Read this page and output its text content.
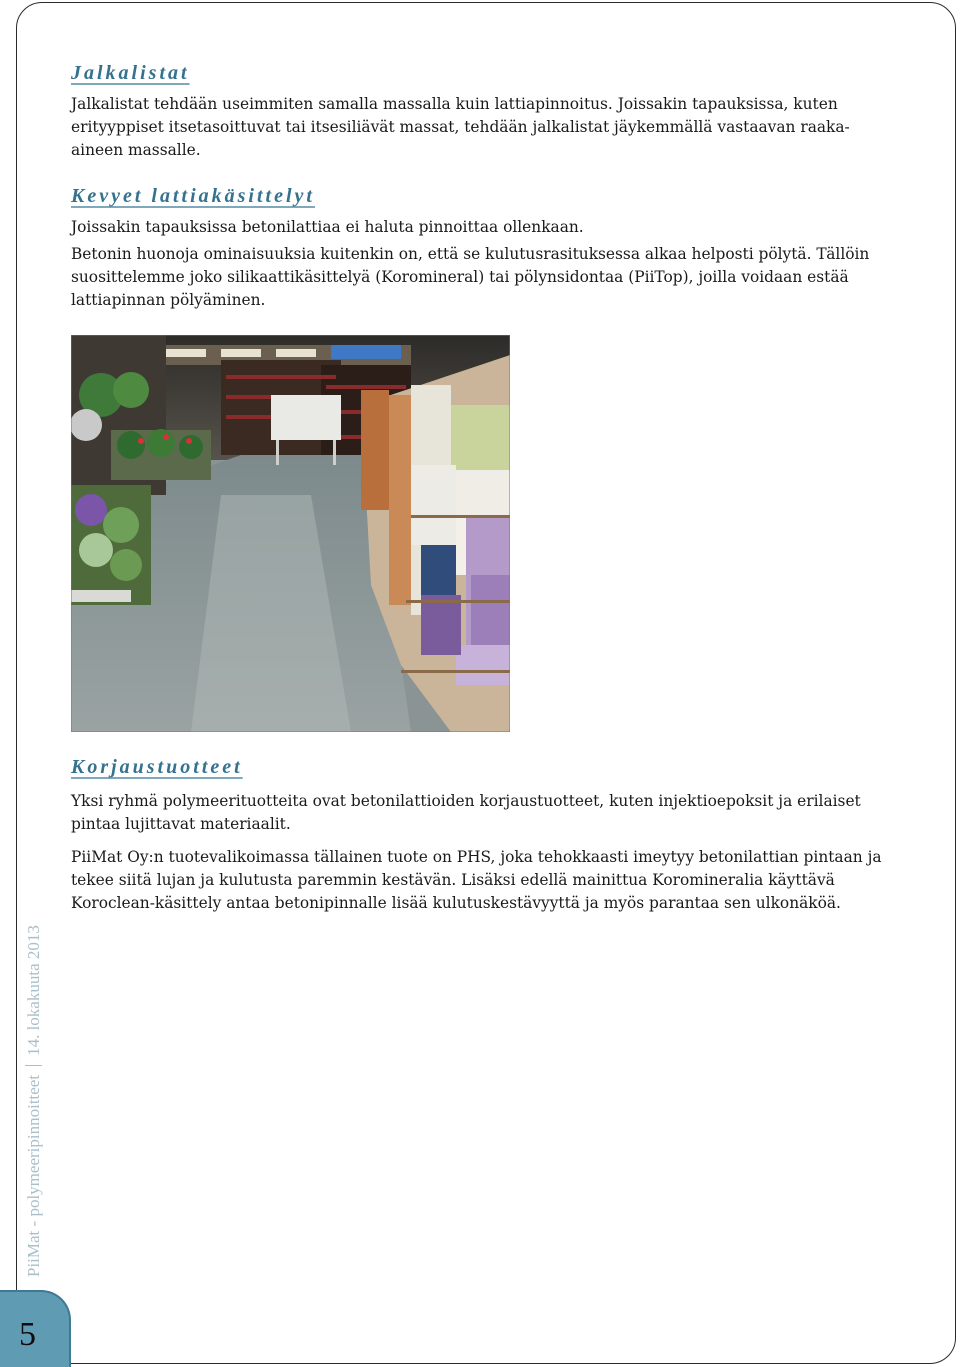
Jalkalistat

Jalkalistat tehdään useimmiten samalla massalla kuin lattiapinnoitus. Joissakin tapauksissa, kuten erityyppiset itsetasoittuvat tai itsesiliävät massat, tehdään jalkalistat jäykemmällä vastaavan raaka-aineen massalle.

Kevyet lattiakäsittelyt

Joissakin tapauksissa betonilattiaa ei haluta pinnoittaa ollenkaan.

Betonin huonoja ominaisuuksia kuitenkin on, että se kulutusrasituksessa alkaa helposti pölytä. Tällöin suosittelemme joko silikaattikäsittelyä (Koromineral) tai pölynsidontaa (PiiTop), joilla voidaan estää lattiapinnan pölyäminen.

Korjaustuotteet

Yksi ryhmä polymeerituotteita ovat betonilattioiden korjaustuotteet, kuten injektioepoksit ja erilaiset pintaa lujittavat materiaalit.

PiiMat Oy:n tuotevalikoimassa tällainen tuote on PHS, joka tehokkaasti imeytyy betonilattian pintaan ja tekee siitä lujan ja kulutusta paremmin kestävän. Lisäksi edellä mainittua Koromineralia käyttävä Koroclean-käsittely antaa betonipinnalle lisää kulutuskestävyyttä ja myös parantaa sen ulkonäköä.

PiiMat - polymeeripinnoitteet14. lokakuuta 2013
5
